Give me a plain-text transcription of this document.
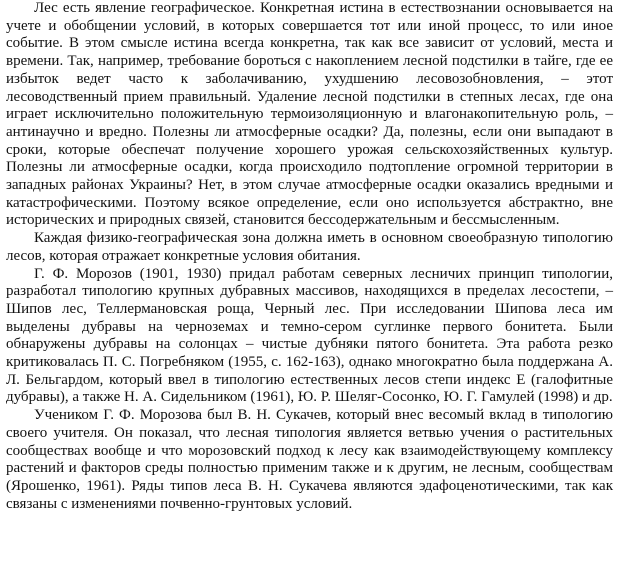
Лес есть явление географическое. Конкретная истина в естествознании основывается на учете и обобщении условий, в которых совершается тот или иной процесс, то или иное событие. В этом смысле истина всегда конкретна, так как все зависит от условий, места и времени. Так, например, требование бороться с накоплением лесной подстилки в тайге, где ее избыток ведет часто к заболачиванию, ухудшению лесовозобновления, – этот лесоводственный прием правильный. Удаление лесной подстилки в степных лесах, где она играет исключительно положительную термоизоляционную и влагонакопительную роль, – антинаучно и вредно. Полезны ли атмосферные осадки? Да, полезны, если они выпадают в сроки, которые обеспечат получение хорошего урожая сельскохозяйственных культур. Полезны ли атмосферные осадки, когда происходило подтопление огромной территории в западных районах Украины? Нет, в этом случае атмосферные осадки оказались вредными и катастрофическими. Поэтому всякое определение, если оно используется абстрактно, вне исторических и природных связей, становится бессодержательным и бессмысленным.

Каждая физико-географическая зона должна иметь в основном своеобразную типологию лесов, которая отражает конкретные условия обитания.

Г. Ф. Морозов (1901, 1930) придал работам северных лесничих принцип типологии, разработал типологию крупных дубравных массивов, находящихся в пределах лесостепи, – Шипов лес, Теллермановская роща, Черный лес. При исследовании Шипова леса им выделены дубравы на черноземах и темно-сером суглинке первого бонитета. Были обнаружены дубравы на солонцах – чистые дубняки пятого бонитета. Эта работа резко критиковалась П. С. Погребняком (1955, с. 162-163), однако многократно была поддержана А. Л. Бельгардом, который ввел в типологию естественных лесов степи индекс Е (галофитные дубравы), а также Н. А. Сидельником (1961), Ю. Р. Шеляг-Сосонко, Ю. Г. Гамулей (1998) и др.

Учеником Г. Ф. Морозова был В. Н. Сукачев, который внес весомый вклад в типологию своего учителя. Он показал, что лесная типология является ветвью учения о растительных сообществах вообще и что морозовский подход к лесу как взаимодействующему комплексу растений и факторов среды полностью применим также и к другим, не лесным, сообществам (Ярошенко, 1961). Ряды типов леса В. Н. Сукачева являются эдафоценотическими, так как связаны с изменениями почвенно-грунтовых условий.
